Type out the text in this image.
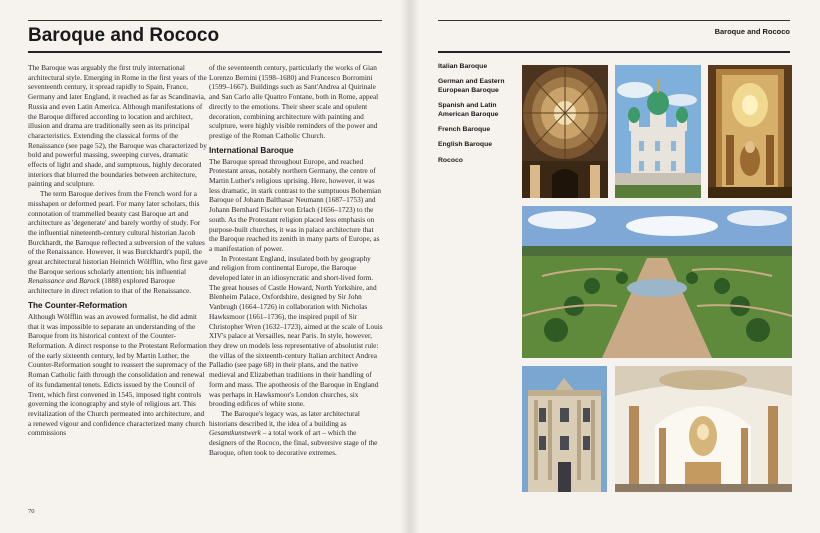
Baroque and Rococo

The Baroque was arguably the first truly international architectural style. Emerging in Rome in the first years of the seventeenth century, it spread rapidly to Spain, France, Germany and later England, it reached as far as Scandinavia, Russia and even Latin America. Although manifestations of the Baroque differed according to location and architect, illusion and drama are traditionally seen as its principal characteristics. Extending the classical forms of the Renaissance (see page 52), the Baroque was characterized by bold and powerful massing, sweeping curves, dramatic effects of light and shade, and sumptuous, highly decorated interiors that blurred the boundaries between architecture, painting and sculpture.

The term Baroque derives from the French word for a misshapen or deformed pearl. For many later scholars, this connotation of trammelled beauty cast Baroque art and architecture as 'degenerate' and barely worthy of study. For the influential nineteenth-century cultural historian Jacob Burckhardt, the Baroque reflected a subversion of the values of the Renaissance. However, it was Burckhardt's pupil, the great architectural historian Heinrich Wölfflin, who first gave the Baroque serious scholarly attention; his influential Renaissance and Barock (1888) explored Baroque architecture in direct relation to that of the Renaissance.

The Counter-Reformation

Although Wölfflin was an avowed formalist, he did admit that it was impossible to separate an understanding of the Baroque from its historical context of the Counter-Reformation. A direct response to the Protestant Reformation of the early sixteenth century, led by Martin Luther, the Counter-Reformation sought to reassert the supremacy of the Roman Catholic faith through the consolidation and renewal of its fundamental tenets. Edicts issued by the Council of Trent, which first convened in 1545, imposed tight controls governing the iconography and style of religious art. This revitalization of the Church permeated into architecture, and a renewed vigour and confidence characterized many church commissions

of the seventeenth century, particularly the works of Gian Lorenzo Bernini (1598–1680) and Francesco Borromini (1599–1667). Buildings such as Sant'Andrea al Quirinale and San Carlo alle Quattro Fontane, both in Rome, appeal directly to the emotions. Their sheer scale and opulent decoration, combining architecture with painting and sculpture, were highly visible reminders of the power and prestige of the Roman Catholic Church.

International Baroque

The Baroque spread throughout Europe, and reached Protestant areas, notably northern Germany, the centre of Martin Luther's religious uprising. Here, however, it was less dramatic, in stark contrast to the sumptuous Bohemian Baroque of Johann Balthasar Neumann (1687–1753) and Johann Bernhard Fischer von Erlach (1656–1723) to the south. As the Protestant religion placed less emphasis on purpose-built churches, it was in palace architecture that the Baroque reached its zenith in many parts of Europe, as a manifestation of power.

In Protestant England, insulated both by geography and religion from continental Europe, the Baroque developed later in an idiosyncratic and short-lived form. The great houses of Castle Howard, North Yorkshire, and Blenheim Palace, Oxfordshire, designed by Sir John Vanbrugh (1664–1726) in collaboration with Nicholas Hawksmoor (1661–1736), the inspired pupil of Sir Christopher Wren (1632–1723), aimed at the scale of Louis XIV's palace at Versailles, near Paris. In style, however, they drew on models less representative of absolutist rule: the villas of the sixteenth-century Italian architect Andrea Palladio (see page 68) in their plans, and the native medieval and Elizabethan traditions in their handling of form and mass. The apotheosis of the Baroque in England was perhaps in Hawksmoor's London churches, six brooding edifices of white stone.

The Baroque's legacy was, as later architectural historians described it, the idea of a building as Gesamtkunstwerk – a total work of art – which the designers of the Rococo, the final, subversive stage of the Baroque, often took to decorative extremes.

70
Baroque and Rococo
Italian Baroque
German and Eastern European Baroque
Spanish and Latin American Baroque
French Baroque
English Baroque
Rococo
